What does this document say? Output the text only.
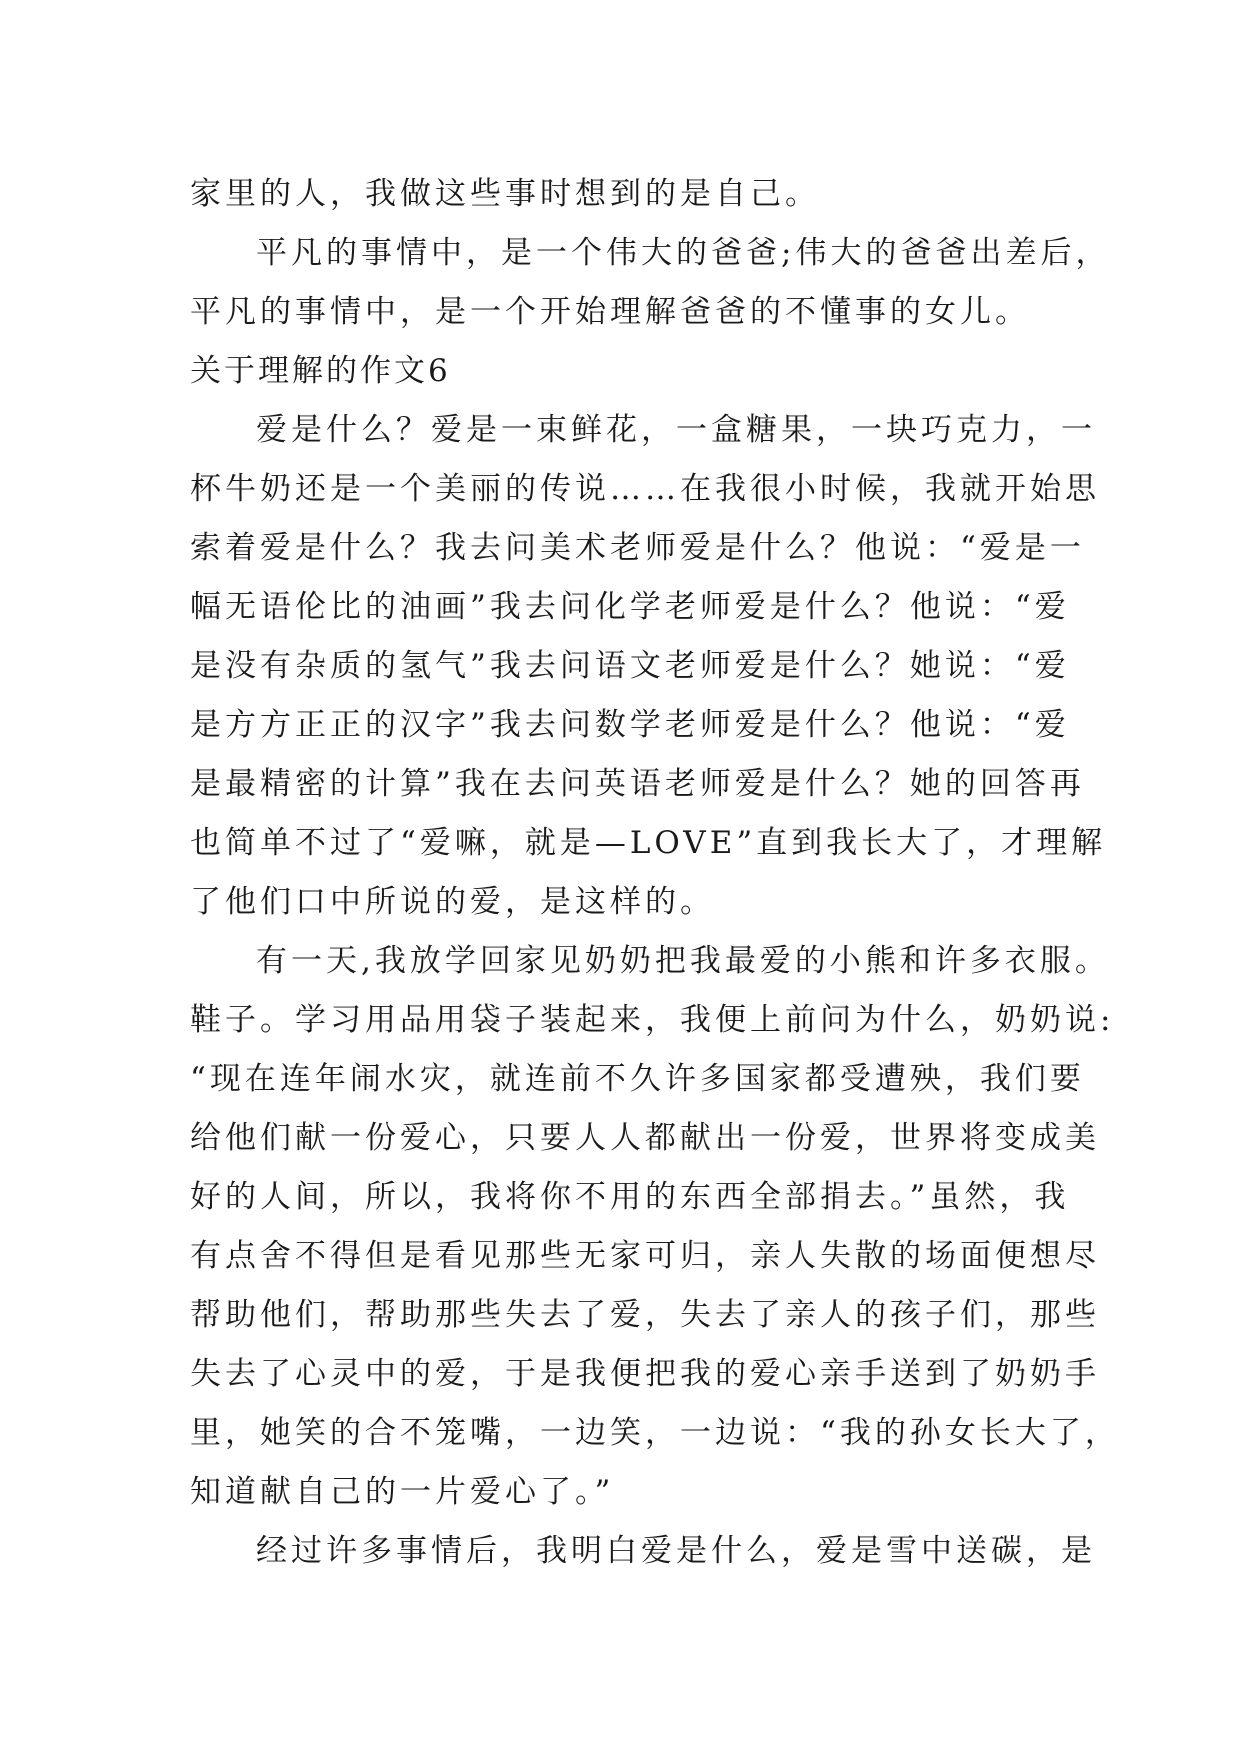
家里的人，我做这些事时想到的是自己。
平凡的事情中，是一个伟大的爸爸;伟大的爸爸出差后，
平凡的事情中，是一个开始理解爸爸的不懂事的女儿。
关于理解的作文6
爱是什么？爱是一束鲜花，一盒糖果，一块巧克力，一
杯牛奶还是一个美丽的传说……在我很小时候，我就开始思
索着爱是什么？我去问美术老师爱是什么？他说：“爱是一
幅无语伦比的油画”我去问化学老师爱是什么？他说：“爱
是没有杂质的氢气”我去问语文老师爱是什么？她说：“爱
是方方正正的汉字”我去问数学老师爱是什么？他说：“爱
是最精密的计算”我在去问英语老师爱是什么？她的回答再
也简单不过了“爱嘛，就是—LOVE”直到我长大了，才理解
了他们口中所说的爱，是这样的。
有一天,我放学回家见奶奶把我最爱的小熊和许多衣服。
鞋子。学习用品用袋子装起来，我便上前问为什么，奶奶说:
“现在连年闹水灾，就连前不久许多国家都受遭殃，我们要
给他们献一份爱心，只要人人都献出一份爱，世界将变成美
好的人间，所以，我将你不用的东西全部捐去。”虽然，我
有点舍不得但是看见那些无家可归，亲人失散的场面便想尽
帮助他们，帮助那些失去了爱，失去了亲人的孩子们，那些
失去了心灵中的爱，于是我便把我的爱心亲手送到了奶奶手
里，她笑的合不笼嘴，一边笑，一边说：“我的孙女长大了，
知道献自己的一片爱心了。”
经过许多事情后，我明白爱是什么，爱是雪中送碳，是
